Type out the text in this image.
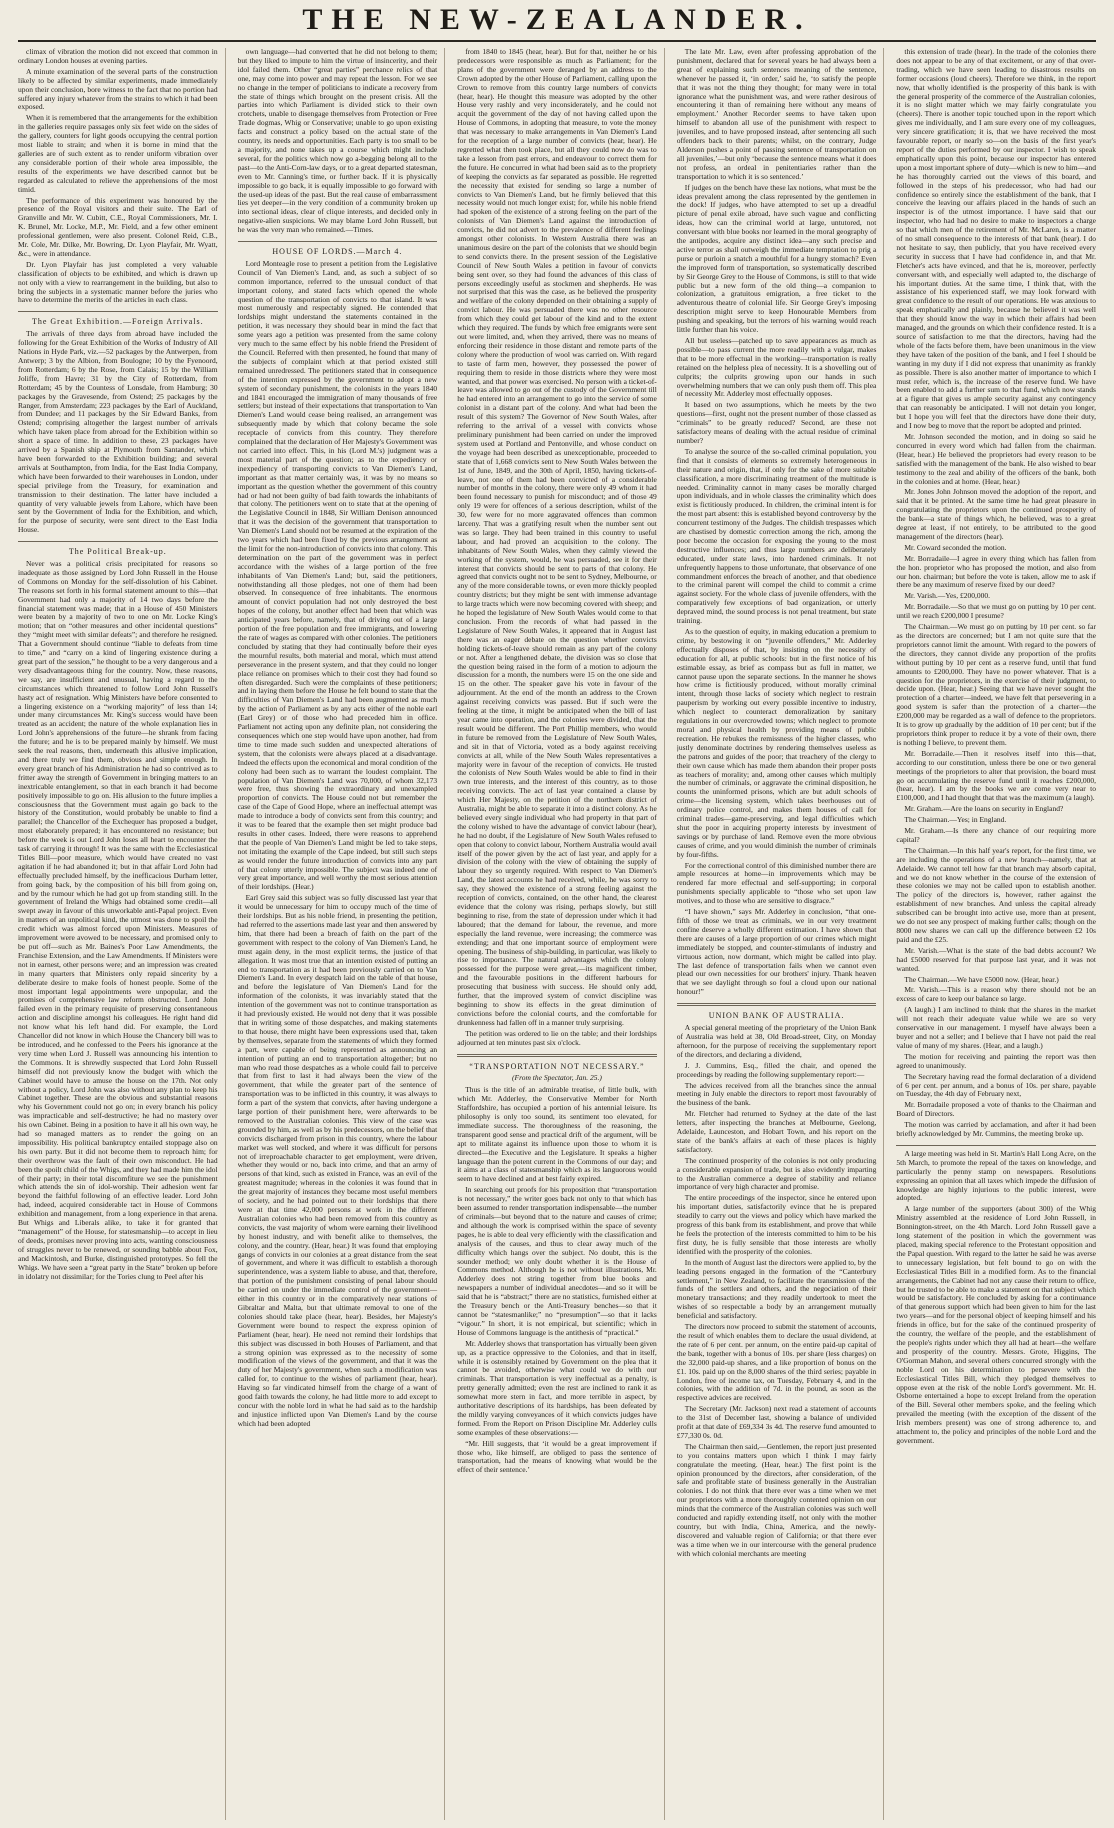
THE NEW-ZEALANDER.

climax of vibration the motion did not exceed that common in ordinary London houses at evening parties.

A minute examination of the several parts of the construction likely to be affected by similar experiments, made immediately upon their conclusion, bore witness to the fact that no portion had suffered any injury whatever from the strains to which it had been exposed.

When it is remembered that the arrangements for the exhibition in the galleries require passages only six feet wide on the sides of the gallery, counters for light goods occupying the central portion most liable to strain; and when it is borne in mind that the galleries are of such extent as to render uniform vibration over any considerable portion of their whole area impossible, the results of the experiments we have described cannot but be regarded as calculated to relieve the apprehensions of the most timid.

The performance of this experiment was honoured by the presence of the Royal visitors and their suite. The Earl of Granville and Mr. W. Cubitt, C.E., Royal Commissioners, Mr. I. K. Brunel, Mr. Locke, M.P., Mr. Field, and a few other eminent professional gentlemen, were also present. Colonel Reid, C.B., Mr. Cole, Mr. Dilke, Mr. Bowring, Dr. Lyon Playfair, Mr. Wyatt, &c., were in attendance.

Dr. Lyon Playfair has just completed a very valuable classification of objects to be exhibited, and which is drawn up not only with a view to rearrangement in the building, but also to bring the subjects in a systematic manner before the juries who have to determine the merits of the articles in each class.

The Great Exhibition.—Foreign Arrivals.

The arrivals of three days from abroad have included the following for the Great Exhibition of the Works of Industry of All Nations in Hyde Park, viz.—52 packages by the Antwerpen, from Antwerp; 3 by the Albion, from Boulogne; 10 by the Fyenoord, from Rotterdam; 6 by the Rose, from Calais; 15 by the William Joliffe, from Havre; 31 by the City of Rotterdam, from Rotterdam; 45 by the Countess of Lonsdale, from Hamburg; 30 packages by the Gravesende, from Ostend; 25 packages by the Ranger, from Amsterdam; 223 packages by the Earl of Auckland, from Dundee; and 11 packages by the Sir Edward Banks, from Ostend; comprising altogether the largest number of arrivals which have taken place from abroad for the Exhibition within so short a space of time. In addition to these, 23 packages have arrived by a Spanish ship at Plymouth from Santander, which have been forwarded to the Exhibition building; and several arrivals at Southampton, from India, for the East India Company, which have been forwarded to their warehouses in London, under special privilege from the Treasury, for examination and transmission to their destination. The latter have included a quantity of very valuable jewels from Lahore, which have been sent by the Government of India for the Exhibition, and which, for the purpose of security, were sent direct to the East India House.

The Political Break-up.

Never was a political crisis precipitated for reasons so inadequate as those assigned by Lord John Russell in the House of Commons on Monday for the self-dissolution of his Cabinet. The reasons set forth in his formal statement amount to this—that Government had only a majority of 14 two days before the financial statement was made; that in a House of 450 Ministers were beaten by a majority of two to one on Mr. Locke King's motion; that on “other measures and other incidental questions” they “might meet with similar defeats”; and therefore he resigned. That a Government should continue “liable to defeats from time to time,” and “carry on a kind of lingering existence during a great part of the session,” he thought to be a very dangerous and a very disadvantageous thing for the country. Now, these reasons, we say, are insufficient and unusual, having a regard to the circumstances which threatened to follow Lord John Russell's hasty act of resignation. Whig Ministers have before consented to a lingering existence on a “working majority” of less than 14; under many circumstances Mr. King's success would have been treated as an accident; the nature of the whole explanation lies in Lord John's apprehensions of the future—he shrank from facing the future; and he is to be prepared mainly by himself. We must seek the real reasons, then, underneath this allusive implication, and there truly we find them, obvious and simple enough. In every great branch of his Administration he had so contrived as to fritter away the strength of Government in bringing matters to an inextricable entanglement, so that in each branch it had become positively impossible to go on. His allusion to the future implies a consciousness that the Government must again go back to the history of the Constitution, would probably be unable to find a parallel; the Chancellor of the Exchequer has proposed a budget, most elaborately prepared; it has encountered no resistance; but before the week is out Lord John loses all heart to encounter the task of carrying it through! It was the same with the Ecclesiastical Titles Bill—poor measure, which would have created no vast agitation if he had abandoned it; but in that affair Lord John had effectually precluded himself, by the inefficacious Durham letter, from going back, by the composition of his bill from going on, and by the rumour which he had got up from standing still. In the government of Ireland the Whigs had obtained some credit—all swept away in favour of this unworkable anti-Papal project. Even in matters of an unpolitical kind, the utmost was done to spoil the credit which was almost forced upon Ministers. Measures of improvement were avowed to be necessary, and promised only to be put off—such as Mr. Baines's Poor Law Amendments, the Franchise Extension, and the Law Amendments. If Ministers were not in earnest, other persons were; and an impression was created in many quarters that Ministers only repaid sincerity by a deliberate desire to make fools of honest people. Some of the most important legal appointments were unpopular, and the promises of comprehensive law reform obstructed. Lord John failed even in the primary requisite of preserving consentaneous action and discipline amongst his colleagues. He right hand did not know what his left hand did. For example, the Lord Chancellor did not know in which House the Chancery bill was to be introduced, and he confessed to the Peers his ignorance at the very time when Lord J. Russell was announcing his intention to the Commons. It is shrewdly suspected that Lord John Russell himself did not previously know the budget with which the Cabinet would have to amuse the house on the 17th. Not only without a policy, Lord John was also without any plan to keep his Cabinet together. These are the obvious and substantial reasons why his Government could not go on; in every branch his policy was impracticable and self-destructive; he had no mastery over his own Cabinet. Being in a position to have it all his own way, he had so managed matters as to render the going on an impossibility. His political bankruptcy entailed stoppage also on his own party. But it did not become them to reproach him; for their overthrow was the fault of their own misconduct. He had been the spoilt child of the Whigs, and they had made him the idol of their party; in their total discomfiture we see the punishment which attends the sin of idol-worship. Their adhesion went far beyond the faithful following of an effective leader. Lord John had, indeed, acquired considerable tact in House of Commons exhibition and management, from a long experience in that arena. But Whigs and Liberals alike, to take it for granted that “management” of the House, for statesmanship—to accept in lieu of deeds, promises never proving into acts, wanting consciousness of struggles never to be renewed, or sounding babble about Fox, and Mackintosh, and Burke, distinguished prototypes. So fell the Whigs. We have seen a “great party in the State” broken up before in idolatry not dissimilar; for the Tories clung to Peel after his

own language—had converted that he did not belong to them; but they liked to impute to him the virtue of insincerity, and their idol failed them. Other “great parties” perchance relics of that one, may come into power and may repeat the lesson. For we see no change in the temper of politicians to indicate a recovery from the state of things which brought on the present crisis. All the parties into which Parliament is divided stick to their own crotchets, unable to disengage themselves from Protection or Free Trade dogmas, Whig or Conservative; unable to go upon existing facts and construct a policy based on the actual state of the country, its needs and opportunities. Each party is too small to be a majority, and none takes up a course which might include several, for the politics which now go a-begging belong all to the past—to the Anti-Corn-law days, or to a great departed statesman, even to Mr. Canning's time, or further back. If it is physically impossible to go back, it is equally impossible to go forward with the used-up ideas of the past. But the real cause of embarrassment lies yet deeper—in the very condition of a community broken up into sectional ideas, clear of clique interests, and decided only in negative-alien suspicions. We may blame Lord John Russell, but he was the very man who remained.—Times.

HOUSE OF LORDS.—March 4.

Lord Monteagle rose to present a petition from the Legislative Council of Van Diemen's Land, and, as such a subject of so common importance, referred to the unusual conduct of that important colony, and stated facts which opened the whole question of the transportation of convicts to that island. It was most numerously and respectably signed. He contended that lordships might understand the statements contained in the petition, it was necessary they should bear in mind the fact that some years ago a petition was presented from the same colony very much to the same effect by his noble friend the President of the Council. Referred with then presented, he found that many of the subjects of complaint which at that period existed still remained unredressed. The petitioners stated that in consequence of the intention expressed by the government to adopt a new system of secondary punishment, the colonists in the years 1840 and 1841 encouraged the immigration of many thousands of free settlers; but instead of their expectations that transportation to Van Diemen's Land would cease being realised, an arrangement was subsequently made by which that colony became the sole receptacle of convicts from this country. They therefore complained that the declaration of Her Majesty's Government was not carried into effect. This, in his (Lord M.'s) judgment was a most material part of the question; as to the expediency or inexpediency of transporting convicts to Van Diemen's Land, important as that matter certainly was, it was by no means so important as the question whether the government of this country had or had not been guilty of bad faith towards the inhabitants of that colony. The petitioners went on to state that at the opening of the Legislative Council in 1848, Sir William Denison announced that it was the decision of the government that transportation to Van Diemen's Land should not be resumed at the expiration of the two years which had been fixed by the previous arrangement as the limit for the non-introduction of convicts into that colony. This determination on the part of the government was in perfect accordance with the wishes of a large portion of the free inhabitants of Van Diemen's Land; but, said the petitioners, notwithstanding all those pledges, not one of them had been observed. In consequence of free inhabitants. The enormous amount of convict population had not only destroyed the best hopes of the colony, but another effect had been that which was anticipated years before, namely, that of driving out of a large portion of the free population and free immigrants, and lowering the rate of wages as compared with other colonies. The petitioners concluded by stating that they had continually before their eyes the mournful results, both material and moral, which must attend perseverance in the present system, and that they could no longer place reliance on promises which to their cost they had found so often disregarded. Such were the complaints of these petitioners; and in laying them before the House he felt bound to state that the difficulties of Van Diemen's Land had been augmented as much by the action of Parliament as by any acts either of the noble earl (Earl Grey) or of those who had preceded him in office. Parliament not acting upon any definite plan, not considering the consequences which one step would have upon another, had from time to time made such sudden and unexpected alterations of system, that the colonists were always placed at a disadvantage. Indeed the effects upon the economical and moral condition of the colony had been such as to warrant the loudest complaint. The population of Van Diemen's Land was 70,000, of whom 32,173 were free, thus showing the extraordinary and unexampled proportion of convicts. The House could not but remember the case of the Cape of Good Hope, where an ineffectual attempt was made to introduce a body of convicts sent from this country; and it was to be feared that the example then set might produce bad results in other cases. Indeed, there were reasons to apprehend that the people of Van Diemen's Land might be led to take steps, not imitating the example of the Cape indeed, but still such steps as would render the future introduction of convicts into any part of that colony utterly impossible. The subject was indeed one of very great importance, and well worthy the most serious attention of their lordships. (Hear.)

Earl Grey said this subject was so fully discussed last year that it would be unnecessary for him to occupy much of the time of their lordships. But as his noble friend, in presenting the petition, had referred to the assertions made last year and then answered by him, that there had been a breach of faith on the part of the government with respect to the colony of Van Diemen's Land, he must again deny, in the most explicit terms, the justice of that allegation. It was most true that an intention existed of putting an end to transportation as it had been previously carried on to Van Diemen's Land. In every despatch laid on the table of that house, and before the legislature of Van Diemen's Land for the information of the colonists, it was invariably stated that the intention of the government was not to continue transportation as it had previously existed. He would not deny that it was possible that in writing some of those despatches, and making statements to that house, there might have been expressions used that, taken by themselves, separate from the statements of which they formed a part, were capable of being represented as announcing an intention of putting an end to transportation altogether; but no man who read those despatches as a whole could fail to perceive that from first to last it had always been the view of the government, that while the greater part of the sentence of transportation was to be inflicted in this country, it was always to form a part of the system that convicts, after having undergone a large portion of their punishment here, were afterwards to be removed to the Australian colonies. This view of the case was grounded by him, as well as by his predecessors, on the belief that convicts discharged from prison in this country, where the labour market was well stocked, and where it was difficult for persons not of irreproachable character to get employment, were driven, whether they would or no, back into crime, and that an army of persons of that kind, such as existed in France, was an evil of the greatest magnitude; whereas in the colonies it was found that in the great majority of instances they became most useful members of society, and he had pointed out to their lordships that there were at that time 42,000 persons at work in the different Australian colonies who had been removed from this country as convicts, the vast majority of whom were earning their livelihood by honest industry, and with benefit alike to themselves, the colony, and the country. (Hear, hear.) It was found that employing gangs of convicts in our colonies at a great distance from the seat of government, and where it was difficult to establish a thorough superintendence, was a system liable to abuse, and that, therefore, that portion of the punishment consisting of penal labour should be carried on under the immediate control of the government—either in this country or in the comparatively near stations of Gibraltar and Malta, but that ultimate removal to one of the colonies should take place (hear, hear). Besides, her Majesty's Government were bound to respect the express opinion of Parliament (hear, hear). He need not remind their lordships that this subject was discussed in both Houses of Parliament, and that a strong opinion was expressed as to the necessity of some modification of the views of the government, and that it was the duty of her Majesty's government, when such a modification was called for, to continue to the wishes of parliament (hear, hear). Having so far vindicated himself from the charge of a want of good faith towards the colony, he had little more to add except to concur with the noble lord in what he had said as to the hardship and injustice inflicted upon Van Diemen's Land by the course which had been adopted

from 1840 to 1845 (hear, hear). But for that, neither he or his predecessors were responsible as much as Parliament; for the plans of the government were deranged by an address to the Crown adopted by the other House of Parliament, calling upon the Crown to remove from this country large numbers of convicts (hear, hear). He thought this measure was adopted by the other House very rashly and very inconsiderately, and he could not acquit the government of the day of not having called upon the House of Commons, in adopting that measure, to vote the money that was necessary to make arrangements in Van Diemen's Land for the reception of a large number of convicts (hear, hear). He regretted what then took place, but all they could now do was to take a lesson from past errors, and endeavour to correct them for the future. He concurred in what had been said as to the propriety of keeping the convicts as far separated as possible. He regretted the necessity that existed for sending so large a number of convicts to Van Diemen's Land, but he firmly believed that this necessity would not much longer exist; for, while his noble friend had spoken of the existence of a strong feeling on the part of the colonists of Van Diemen's Land against the introduction of convicts, he did not advert to the prevalence of different feelings amongst other colonists. In Western Australia there was an unanimous desire on the part of the colonists that we should begin to send convicts there. In the present session of the Legislative Council of New South Wales a petition in favour of convicts being sent over, so they had found the advances of this class of persons exceedingly useful as stockmen and shepherds. He was not surprised that this was the case, as he believed the prosperity and welfare of the colony depended on their obtaining a supply of convict labour. He was persuaded there was no other resource from which they could get labour of the kind and to the extent which they required. The funds by which free emigrants were sent out were limited, and, when they arrived, there was no means of enforcing their residence in those distant and remote parts of the colony where the production of wool was carried on. With regard to taste of farm men, however, they possessed the power of requiring them to reside in those districts where they were most wanted, and that power was exercised. No person with a ticket-of-leave was allowed to go out of the custody of the Government till he had entered into an arrangement to go into the service of some colonist in a distant part of the colony. And what had been the result of this system? The Governor of New South Wales, after referring to the arrival of a vessel with convicts whose preliminary punishment had been carried on under the improved system used at Portland and Pentonville, and whose conduct on the voyage had been described as unexceptionable, proceeded to state that of 1,668 convicts sent to New South Wales between the 1st of June, 1849, and the 30th of April, 1850, having tickets-of-leave, not one of them had been convicted of a considerable number of months in the colony, there were only 49 whom it had been found necessary to punish for misconduct; and of those 49 only 19 were for offences of a serious description, whilst of the 30, few were for no more aggravated offences than common larceny. That was a gratifying result when the number sent out was so large. They had been trained in this country to useful labour, and had proved an acquisition to the colony. The inhabitants of New South Wales, when they calmly viewed the working of the system, would, he was persuaded, see it for their interest that convicts should be sent to parts of that colony. He agreed that convicts ought not to be sent to Sydney, Melbourne, or any of the more considerable towns, or even more thickly peopled country districts; but they might be sent with immense advantage to large tracts which were now becoming covered with sheep; and he hoped the legislature of New South Wales would come to that conclusion. From the records of what had passed in the Legislature of New South Wales, it appeared that in August last there was an eager debate on the question whether convicts holding tickets-of-leave should remain as any part of the colony or not. After a lengthened debate, the division was so close that the question being raised in the form of a motion to adjourn the discussion for a month, the numbers were 15 on the one side and 15 on the other. The speaker gave his vote in favour of the adjournment. At the end of the month an address to the Crown against receiving convicts was passed. But if such were the feeling at the time, it might be anticipated when the bill of last year came into operation, and the colonies were divided, that the result would be different. The Port Phillip members, who would in future be removed from the Legislature of New South Wales, and sit in that of Victoria, voted as a body against receiving convicts at all, while of the New South Wales representatives a majority were in favour of the reception of convicts. He trusted the colonists of New South Wales would be able to find in their own true interests, and the interest of this country, as to those receiving convicts. The act of last year contained a clause by which Her Majesty, on the petition of the northern district of Australia, might be able to separate it into a distinct colony. As he believed every single individual who had property in that part of the colony wished to have the advantage of convict labour (hear), he had no doubt, if the Legislature of New South Wales refused to open that colony to convict labour, Northern Australia would avail itself of the power given by the act of last year, and apply for a division of the colony with the view of obtaining the supply of labour they so urgently required. With respect to Van Diemen's Land, the latest accounts he had received, while, he was sorry to say, they showed the existence of a strong feeling against the reception of convicts, contained, on the other hand, the clearest evidence that the colony was rising, perhaps slowly, but still beginning to rise, from the state of depression under which it had laboured; that the demand for labour, the revenue, and more especially the land revenue, were increasing; the commerce was extending; and that one important source of employment were opening. The business of ship-building, in particular, was likely to rise to importance. The natural advantages which the colony possessed for the purpose were great,—its magnificent timber, and the favourable positions in the different harbours for prosecuting that business with success. He should only add, further, that the improved system of convict discipline was beginning to show its effects in the great diminution of convictions before the colonial courts, and the comfortable for drunkenness had fallen off in a manner truly surprising.

The petition was ordered to lie on the table; and their lordships adjourned at ten minutes past six o'clock.

“TRANSPORTATION NOT NECESSARY.”

(From the Spectator, Jan. 25.)

Thus is the title of an admirable treatise, of little bulk, with which Mr. Adderley, the Conservative Member for North Staffordshire, has occupied a portion of his antennial leisure. Its philosophy is only too sound, its sentiment too elevated, for immediate success. The thoroughness of the reasoning, the transparent good sense and practical drift of the argument, will be apt to militate against its influence upon those to whom it is directed—the Executive and the Legislature. It speaks a higher language than the potent current in the Commons of our day; and it aims at a class of statesmanship which as its languorous would seem to have declined and at best fairly expired.

In searching out proofs for his proposition that “transportation is not necessary,” the writer goes back not only to that which has been assumed to render transportation indispensable—the number of criminals—but beyond that to the nature and causes of crime; and although the work is comprised within the space of seventy pages, he is able to deal very efficiently with the classification and analysis of the causes, and thus to clear away much of the difficulty which hangs over the subject. No doubt, this is the sounder method; we only doubt whether it is the House of Commons method. Although he is not without illustrations, Mr. Adderley does not string together from blue books and newspapers a number of individual anecdotes—and so it will be said that he is “abstract;” there are no statistics, furnished either at the Treasury bench or the Anti-Treasury benches—so that it cannot be “statesmanlike;” no “presumption”—so that it lacks “vigour.” In short, it is not empirical, but scientific; which in House of Commons language is the antithesis of “practical.”

Mr. Adderley shows that transportation has virtually been given up, as a practice oppressive to the Colonies, and that in itself, while it is ostensibly retained by Government on the plea that it cannot be avoided, otherwise what could we do with our criminals. That transportation is very ineffectual as a penalty, is pretty generally admitted; even the rest are inclined to rank it as somewhat more stern in fact, and more terrible in aspect, by authoritative descriptions of its hardships, has been defeated by the mildly varying conveyances of it which convicts judges have formed. From the Report on Prison Discipline Mr. Adderley culls some examples of these observations:—

“Mr. Hill suggests, that ‘it would be a great improvement if those who, like himself, are obliged to pass the sentence of transportation, had the means of knowing what would be the effect of their sentence.’

The late Mr. Law, even after professing approbation of the punishment, declared that for several years he had always been a great of explaining such sentences meaning of the sentence, whenever he passed it, ‘in order,’ said he, ‘to satisfy the people that it was not the thing they thought; for many were in total ignorance what the punishment was, and were rather desirous of encountering it than of remaining here without any means of employment.’ Another Recorder seems to have taken upon himself to abandon all use of the punishment with respect to juveniles, and to have proposed instead, after sentencing all such offenders back to their parents; whilst, on the contrary, Judge Alderson pushes a point of passing sentence of transportation on all juveniles,’—but only ‘because the sentence means what it does not profess, an ordeal in penitentiaries rather than the transportation to which it is so sentenced.’

If judges on the bench have these lax notions, what must be the ideas prevalent among the class represented by the gentlemen in the dock! If judges, who have attempted to set up a dreadful picture of penal exile abroad, have such vague and conflicting ideas, how can the criminal world at large, untutored, not conversant with blue books nor learned in the moral geography of the antipodes, acquire any distinct idea—any such precise and active terror as shall outweigh the immediate temptation to prig a purse or purloin a snatch a mouthful for a hungry stomach? Even the improved form of transportation, so systematically described by Sir George Grey to the House of Commons, is still to that wide public but a new form of the old thing—a companion to colonization, a gratuitous emigration, a free ticket to the adventurous theatre of colonial life. Sir George Grey's imposing description might serve to keep Honourable Members from pushing and speaking, but the terrors of his warning would reach little further than his voice.

All but useless—patched up to save appearances as much as possible—to pass current the more readily with a vulgar, makes that to be more effectual in the working—transportation is really retained on the helpless plea of necessity. It is a shovelling out of culprits; the culprits growing upon our hands in such overwhelming numbers that we can only push them off. This plea of necessity Mr. Adderley most effectually opposes.

It based on two assumptions, which he meets by the two questions—first, ought not the present number of those classed as “criminals” to be greatly reduced? Second, are these not satisfactory means of dealing with the actual residue of criminal number?

To analyse the source of the so-called criminal population, you find that it consists of elements so extremely heterogeneous in their nature and origin, that, if only for the sake of more suitable classification, a more discriminating treatment of the multitude is needed. Criminality cannot in many cases be morally charged upon individuals, and in whole classes the criminality which does exist is fictitiously produced. In children, the criminal intent is for the most part absent: this is established beyond controversy by the concurrent testimony of the Judges. The childish trespasses which are chastised by domestic correction among the rich, among the poor become the occasion for exposing the young to the most destructive influences; and thus large numbers are deliberately educated, under state laws, into hardened criminals. It not unfrequently happens to those unfortunate, that observance of one commandment enforces the breach of another, and that obedience to the criminal parent will compel the child to commit a crime against society. For the whole class of juvenile offenders, with the comparatively few exceptions of bad organization, or utterly depraved mind, the sound process is not penal treatment, but state training.

As to the question of equity, in making education a premium to crime, by bestowing it on “juvenile offenders,” Mr. Adderley effectually disposes of that, by insisting on the necessity of education for all, at public schools: but in the first notice of his estimable essay, as brief as compass but as full in matter, we cannot pause upon the separate sections. In the manner he shows how crime is fictitiously produced, without morally criminal intent, through those lacks of society which neglect to restrain pauperism by working out every possible incentive to industry, which neglect to counteract demoralization by sanitary regulations in our overcrowded towns; which neglect to promote moral and physical health by providing means of public recreation. He rebukes the remissness of the higher classes, who justly denominate doctrines by rendering themselves useless as the patrons and guides of the poor; that treachery of the clergy to their own cause which has made them abandon their proper posts as teachers of morality; and, among other causes which multiply the number of criminals, or aggravate the criminal disposition, he counts the uninformed prisons, which are but adult schools of crime—the licensing system, which takes beerhouses out of ordinary police control, and makes them houses of call for criminal trades—game-preserving, and legal difficulties which shut the poor in acquiring property interests by investment of savings or by purchase of land. Remove even the more obvious causes of crime, and you would diminish the number of criminals by four-fifths.

For the correctional control of this diminished number there are ample resources at home—in improvements which may be rendered far more effectual and self-supporting; in corporal punishments specially applicable to “those who set upon law motives, and to those who are sensitive to disgrace.”

“I have shown,” says Mr. Adderley in conclusion, “that one-fifth of those we treat as criminals, we in our very treatment confine deserve a wholly different estimation. I have shown that there are causes of a large proportion of our crimes which might immediately be stopped, and counter-stimulants of industry and virtuous action, now dormant, which might be called into play. The last defence of transportation fails when we cannot even plead our own necessities for our brothers' injury. Thank heaven that we see daylight through so foul a cloud upon our national honour!”

UNION BANK OF AUSTRALIA.

A special general meeting of the proprietary of the Union Bank of Australia was held at 38, Old Broad-street, City, on Monday afternoon, for the purpose of receiving the supplementary report of the directors, and declaring a dividend,

J. J. Cummins, Esq., filled the chair, and opened the proceedings by reading the following supplementary report:—

The advices received from all the branches since the annual meeting in July enable the directors to report most favourably of the business of the bank.

Mr. Fletcher had returned to Sydney at the date of the last letters, after inspecting the branches at Melbourne, Geelong, Adelaide, Launceston, and Hobart Town, and his report on the state of the bank's affairs at each of these places is highly satisfactory.

The continued prosperity of the colonies is not only producing a considerable expansion of trade, but is also evidently imparting to the Australian commerce a degree of stability and reliance importance of very high character and promise.

The entire proceedings of the inspector, since he entered upon his important duties, satisfactorily evince that he is prepared steadily to carry out the views and policy which have marked the progress of this bank from its establishment, and prove that while he feels the protection of the interests committed to him to be his first duty, he is fully sensible that those interests are wholly identified with the prosperity of the colonies.

In the month of August last the directors were applied to, by the leading persons engaged in the formation of the “Canterbury settlement,” in New Zealand, to facilitate the transmission of the funds of the settlers and others, and the negociation of their monetary transactions; and they readily undertook to meet the wishes of so respectable a body by an arrangement mutually beneficial and satisfactory.

The directors now proceed to submit the statement of accounts, the result of which enables them to declare the usual dividend, at the rate of 6 per cent. per annum, on the entire paid-up capital of the bank, together with a bonus of 10s. per share (less charges) on the 32,000 paid-up shares, and a like proportion of bonus on the £1. 10s. paid up on the 8,000 shares of the third series; payable in London, free of income tax, on Tuesday, February 4, and in the colonies, with the addition of 7d. in the pound, as soon as the respective advices are received.

The Secretary (Mr. Jackson) next read a statement of accounts to the 31st of December last, showing a balance of undivided profit at that date of £69,334 3s 4d. The reserve fund amounted to £77,330 0s. 0d.

The Chairman then said,—Gentlemen, the report just presented to you contains matters upon which I think I may fairly congratulate the meeting. (Hear, hear.) The first point is the opinion pronounced by the directors, after consideration, of the safe and profitable state of business generally in the Australian colonies. I do not think that there ever was a time when we met our proprietors with a more thoroughly contented opinion on our minds that the commerce of the Australian colonies was such well conducted and rapidly extending itself, not only with the mother country, but with India, China, America, and the newly-discovered and valuable region of California; or that there ever was a time when we in our intercourse with the general prudence with which colonial merchants are meeting

this extension of trade (hear). In the trade of the colonies there does not appear to be any of that excitement, or any of that over-trading, which we have seen leading to disastrous results on former occasions (loud cheers). Therefore we think, in the report now, that wholly identified is the prosperity of this bank is with the general prosperity of the commerce of the Australian colonies, it is no slight matter which we may fairly congratulate you (cheers). There is another topic touched upon in the report which gives me individually, and I am sure every one of my colleagues, very sincere gratification; it is, that we have received the most favourable report, or nearly so—on the basis of the first year's report of the duties performed by our inspector. I wish to speak emphatically upon this point, because our inspector has entered upon a most important sphere of duty—which is new to him—and he has thoroughly carried out the views of this board, and followed in the steps of his predecessor, who had had our confidence so entirely since the establishment of the bank, that I conceive the leaving our affairs placed in the hands of such an inspector is of the utmost importance. I have said that our inspector, who had had no desire to make to inspectors a charge so that which men of the retirement of Mr. McLaren, is a matter of no small consequence to the interests of that bank (hear). I do not hesitate to say, then publicly, that you have received every security in success that I have had confidence in, and that Mr. Fletcher's acts have evinced, and that he is, moreover, perfectly conversant with, and especially well adapted to, the discharge of his important duties. At the same time, I think that, with the assistance of his experienced staff, we may look forward with great confidence to the result of our operations. He was anxious to speak emphatically and plainly, because he believed it was well that they should know the way in which their affairs had been managed, and the grounds on which their confidence rested. It is a source of satisfaction to me that the directors, having had the whole of the facts before them, have been unanimous in the view they have taken of the position of the bank, and I feel I should be wanting in my duty if I did not express that unanimity as frankly as possible. There is also another matter of importance to which I must refer, which is, the increase of the reserve fund. We have been enabled to add a further sum to that fund, which now stands at a figure that gives us ample security against any contingency that can reasonably be anticipated. I will not detain you longer, but I hope you will feel that the directors have done their duty, and I now beg to move that the report be adopted and printed.

Mr. Johnson seconded the motion, and in doing so said he concurred in every word which had fallen from the chairman. (Hear, hear.) He believed the proprietors had every reason to be satisfied with the management of the bank. He also wished to bear testimony to the zeal and ability of the officers of the bank, both in the colonies and at home. (Hear, hear.)

Mr. Jones John Johnson moved the adoption of the report, and said that it be printed. At the same time he had great pleasure in congratulating the proprietors upon the continued prosperity of the bank—a state of things which, he believed, was to a great degree at least, if not entirely, to be attributed to the good management of the directors (hear).

Mr. Coward seconded the motion.

Mr. Borradaile—I agree in every thing which has fallen from the hon. proprietor who has proposed the motion, and also from our hon. chairman; but before the vote is taken, allow me to ask if there be any maximum of reserve fixed by our deed?

Mr. Varish.—Yes, £200,000.

Mr. Borradaile.—So that we must go on putting by 10 per cent. until we reach £200,000 I presume?

The Chairman.—We must go on putting by 10 per cent. so far as the directors are concerned; but I am not quite sure that the proprietors cannot limit the amount. With regard to the powers of the directors, they cannot divide any proportion of the profits without putting by 10 per cent as a reserve fund, until that fund amounts to £200,000. They have no power whatever. That is a question for the proprietors, in the exercise of their judgment, to decide upon. (Hear, hear.) Seeing that we have never sought the protection of a charter—indeed, we have felt that persevering in a good system is safer than the protection of a charter—the £200,000 may be regarded as a wall of defence to the proprietors. It is to grow up gradually by the addition of 10 per cent; but if the proprietors think proper to reduce it by a vote of their own, there is nothing I believe, to prevent them.

Mr. Borradaile.—Then it resolves itself into this—that, according to our constitution, unless there be one or two general meetings of the proprietors to alter that provision, the board must go on accumulating the reserve fund until it reaches £200,000, (hear, hear). I am by the books we are come very near to £100,000, and I had thought that that was the maximum (a laugh).

Mr. Graham.—Are the loans on security in England?

The Chairman.—Yes; in England.

Mr. Graham.—Is there any chance of our requiring more capital?

The Chairman.—In this half year's report, for the first time, we are including the operations of a new branch—namely, that at Adelaide. We cannot tell how far that branch may absorb capital, and we do not know whether in the course of the extension of these colonies we may not be called upon to establish another. The policy of the directors is, however, rather against the establishment of new branches. And unless the capital already subscribed can be brought into active use, more than at present, we do not see any prospect of making further calls; though on the 8000 new shares we can call up the difference between £2 10s paid and the £25.

Mr. Varish.—What is the state of the bad debts account? We had £5000 reserved for that purpose last year, and it was not wanted.

The Chairman.—We have £5000 now. (Hear, hear.)

Mr. Varish.—This is a reason why there should not be an excess of care to keep our balance so large.

(A laugh.) I am inclined to think that the shares in the market will not reach their adequate value while we are so very conservative in our management. I myself have always been a buyer and not a seller; and I believe that I have not paid the real value of many of my shares. (Hear, and a laugh.)

The motion for receiving and painting the report was then agreed to unanimously.

The Secretary having read the formal declaration of a dividend of 6 per cent. per annum, and a bonus of 10s. per share, payable on Tuesday, the 4th day of February next,

Mr. Borradaile proposed a vote of thanks to the Chairman and Board of Directors.

The motion was carried by acclamation, and after it had been briefly acknowledged by Mr. Cummins, the meeting broke up.

A large meeting was held in St. Martin's Hall Long Acre, on the 5th March, to promote the repeal of the taxes on knowledge, and particularly the penny stamp on newspapers. Resolutions expressing an opinion that all taxes which impede the diffusion of knowledge are highly injurious to the public interest, were adopted.

A large number of the supporters (about 300) of the Whig Ministry assembled at the residence of Lord John Russell, in Bonnington-street, on the 4th March. Lord John Russell gave a long statement of the position in which the government was placed, making special reference to the Protestant opposition and the Papal question. With regard to the latter he said he was averse to unnecessary legislation, but felt bound to go on with the Ecclesiastical Titles Bill in a modified form. As to the financial arrangements, the Cabinet had not any cause their return to office, but he trusted to be able to make a statement on that subject which would be satisfactory. He concluded by asking for a continuance of that generous support which had been given to him for the last two years—and for the personal object of keeping himself and his friends in office, but for the sake of the continued prosperity of the country, the welfare of the people, and the establishment of the people's rights under which they all had at heart—the welfare and prosperity of the country. Messrs. Grote, Higgins, The O'Gorman Mahon, and several others concurred strongly with the noble Lord on his determination to persevere with the Ecclesiastical Titles Bill, which they pledged themselves to oppose even at the risk of the noble Lord's government. Mr. H. Osborne entertained a hope to except Ireland from the operation of the Bill. Several other members spoke, and the feeling which prevailed the meeting (with the exception of the dissent of the Irish members present) was one of strong adherence to, and attachment to, the policy and principles of the noble Lord and the government.
